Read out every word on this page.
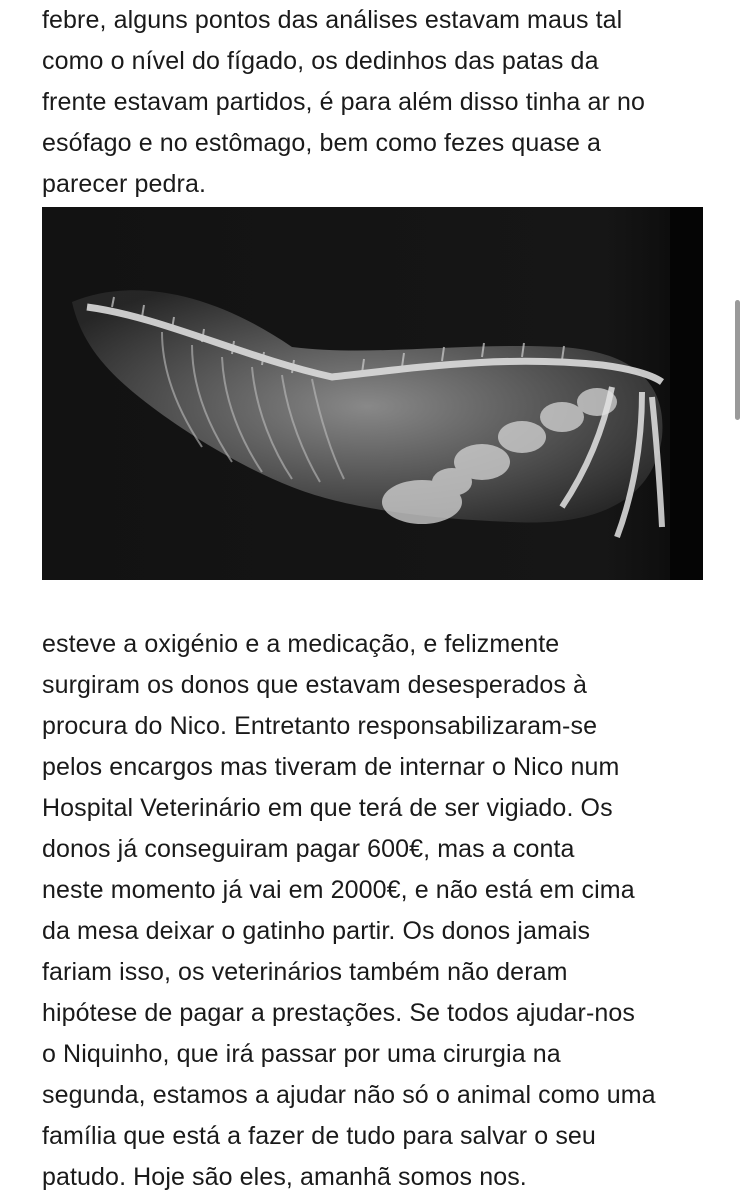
febre, alguns pontos das análises estavam maus tal
como o nível do fígado, os dedinhos das patas da
frente estavam partidos, é para além disso tinha ar no
esófago e no estômago, bem como fezes quase a
parecer pedra.
esteve a oxigénio e a medicação, e felizmente
surgiram os donos que estavam desesperados à
procura do Nico. Entretanto responsabilizaram-se
pelos encargos mas tiveram de internar o Nico num
Hospital Veterinário em que terá de ser vigiado. Os
donos já conseguiram pagar 600€, mas a conta
neste momento já vai em 2000€, e não está em cima
da mesa deixar o gatinho partir. Os donos jamais
fariam isso, os veterinários também não deram
hipótese de pagar a prestações. Se todos ajudar-nos
o Niquinho, que irá passar por uma cirurgia na
segunda, estamos a ajudar não só o animal como uma
família que está a fazer de tudo para salvar o seu
patudo. Hoje são eles, amanhã somos nos.
